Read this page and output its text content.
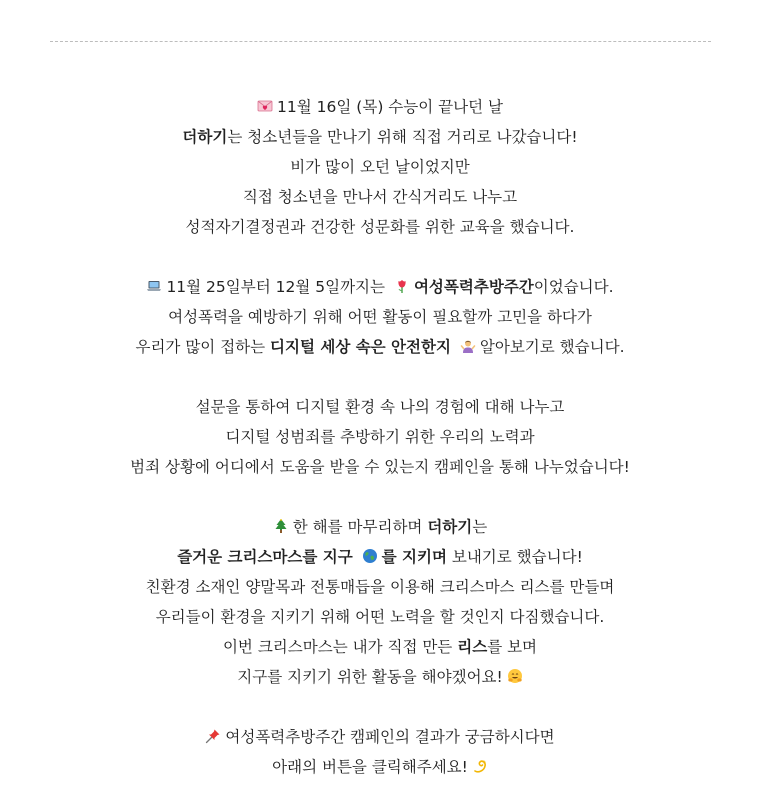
11월 16일 (목) 수능이 끝나던 날
더하기는 청소년들을 만나기 위해 직접 거리로 나갔습니다!
비가 많이 오던 날이었지만
직접 청소년을 만나서 간식거리도 나누고
성적자기결정권과 건강한 성문화를 위한 교육을 했습니다.
11월 25일부터 12월 5일까지는 여성폭력추방주간이었습니다.
여성폭력을 예방하기 위해 어떤 활동이 필요할까 고민을 하다가
우리가 많이 접하는 디지털 세상 속은 안전한지 알아보기로 했습니다.
설문을 통하여 디지털 환경 속 나의 경험에 대해 나누고
디지털 성범죄를 추방하기 위한 우리의 노력과
범죄 상황에 어디에서 도움을 받을 수 있는지 캠페인을 통해 나누었습니다!
한 해를 마무리하며 더하기는
즐거운 크리스마스를 지구 를 지키며 보내기로 했습니다!
친환경 소재인 양말목과 전통매듭을 이용해 크리스마스 리스를 만들며
우리들이 환경을 지키기 위해 어떤 노력을 할 것인지 다짐했습니다.
이번 크리스마스는 내가 직접 만든 리스를 보며
지구를 지키기 위한 활동을 해야겠어요!
여성폭력추방주간 캠페인의 결과가 궁금하시다면
아래의 버튼을 클릭해주세요!
